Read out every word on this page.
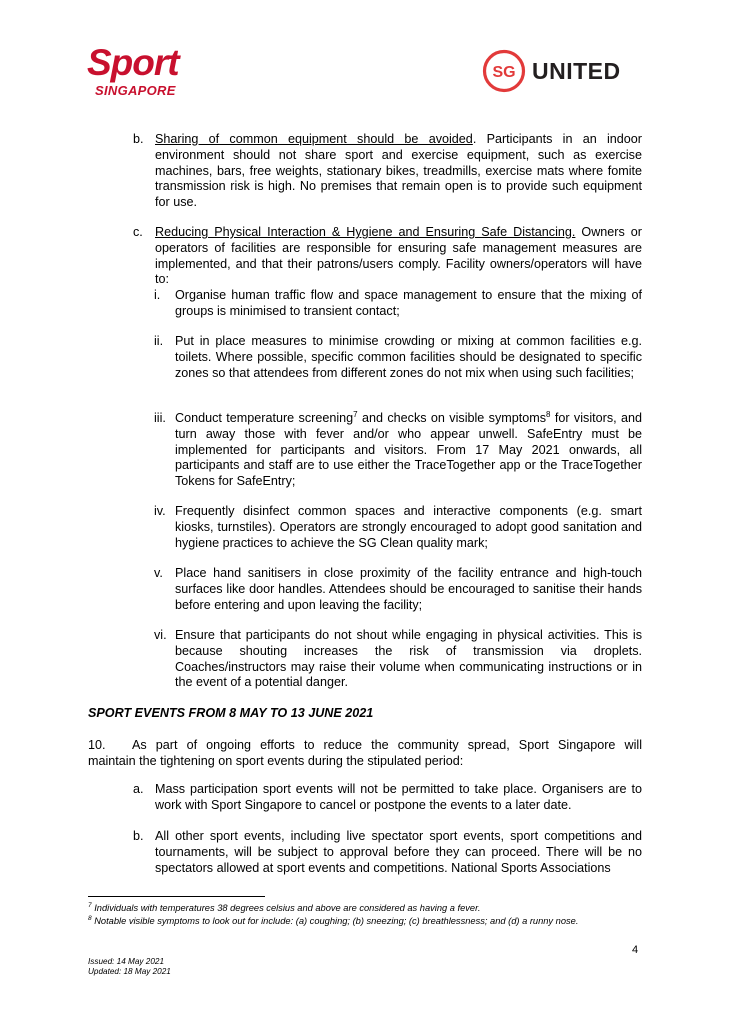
Sport
SINGAPORE
SG UNITED

b. Sharing of common equipment should be avoided. Participants in an indoor environment should not share sport and exercise equipment, such as exercise machines, bars, free weights, stationary bikes, treadmills, exercise mats where fomite transmission risk is high. No premises that remain open is to provide such equipment for use.

c. Reducing Physical Interaction & Hygiene and Ensuring Safe Distancing. Owners or operators of facilities are responsible for ensuring safe management measures are implemented, and that their patrons/users comply. Facility owners/operators will have to:

i. Organise human traffic flow and space management to ensure that the mixing of groups is minimised to transient contact;

ii. Put in place measures to minimise crowding or mixing at common facilities e.g. toilets. Where possible, specific common facilities should be designated to specific zones so that attendees from different zones do not mix when using such facilities;

iii. Conduct temperature screening$^7$ and checks on visible symptoms$^8$ for visitors, and turn away those with fever and/or who appear unwell. SafeEntry must be implemented for participants and visitors. From 17 May 2021 onwards, all participants and staff are to use either the TraceTogether app or the TraceTogether Tokens for SafeEntry;

iv. Frequently disinfect common spaces and interactive components (e.g. smart kiosks, turnstiles). Operators are strongly encouraged to adopt good sanitation and hygiene practices to achieve the SG Clean quality mark;

v. Place hand sanitisers in close proximity of the facility entrance and high-touch surfaces like door handles. Attendees should be encouraged to sanitise their hands before entering and upon leaving the facility;

vi. Ensure that participants do not shout while engaging in physical activities. This is because shouting increases the risk of transmission via droplets. Coaches/instructors may raise their volume when communicating instructions or in the event of a potential danger.

SPORT EVENTS FROM 8 MAY TO 13 JUNE 2021

10. As part of ongoing efforts to reduce the community spread, Sport Singapore will

maintain the tightening on sport events during the stipulated period:

a. Mass participation sport events will not be permitted to take place. Organisers are to work with Sport Singapore to cancel or postpone the events to a later date.

b. All other sport events, including live spectator sport events, sport competitions and tournaments, will be subject to approval before they can proceed. There will be no spectators allowed at sport events and competitions. National Sports Associations

$^7$ Individuals with temperatures 38 degrees celsius and above are considered as having a fever.

$^8$ Notable visible symptoms to look out for include: (a) coughing; (b) sneezing; (c) breathlessness; and (d) a runny nose.

4

Issued: 14 May 2021

Updated: 18 May 2021
